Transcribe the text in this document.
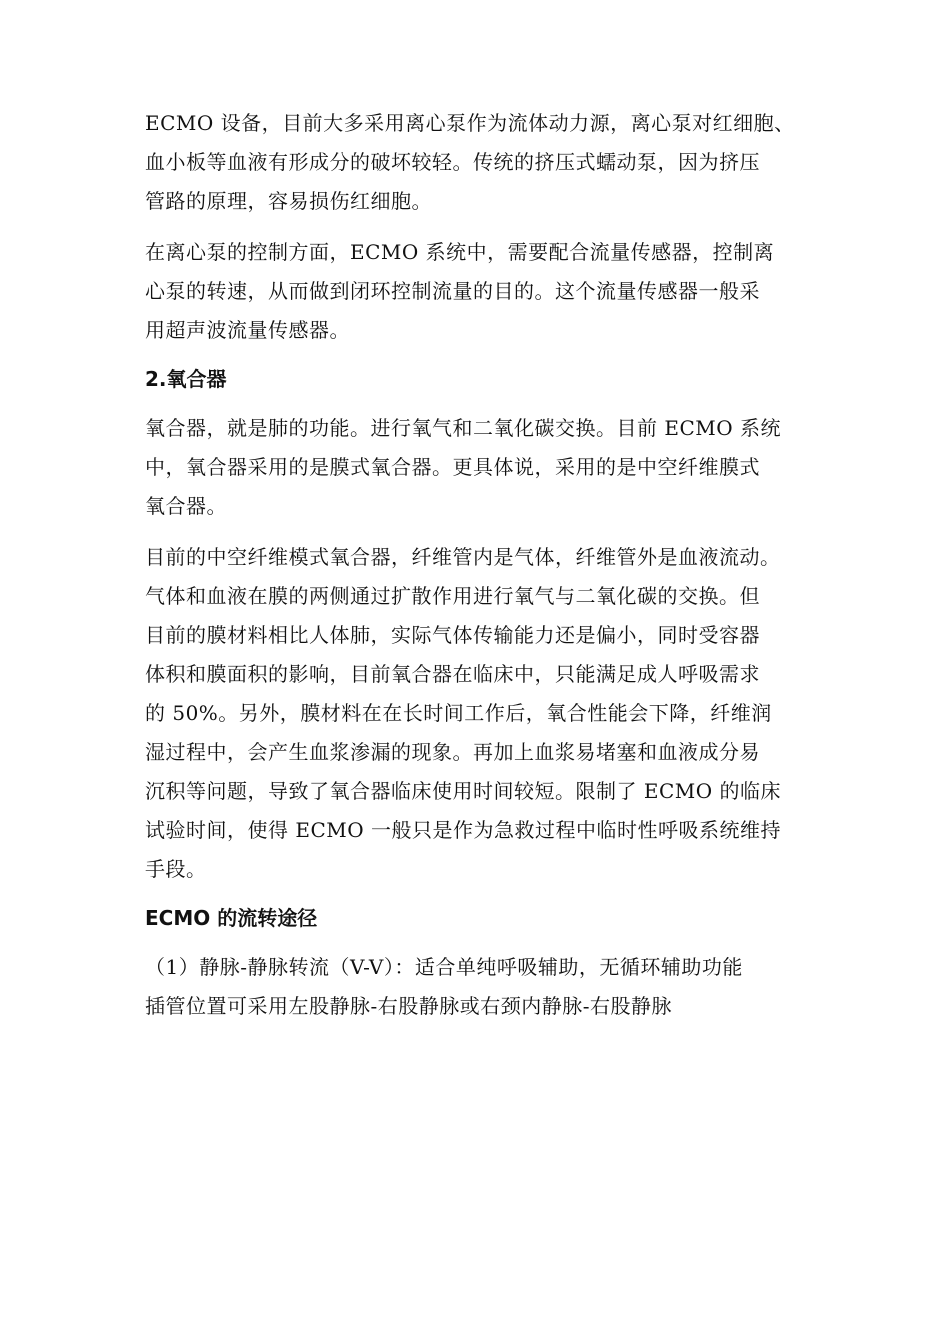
ECMO 设备，目前大多采用离心泵作为流体动力源，离心泵对红细胞、
血小板等血液有形成分的破坏较轻。传统的挤压式蠕动泵，因为挤压
管路的原理，容易损伤红细胞。

在离心泵的控制方面，ECMO 系统中，需要配合流量传感器，控制离
心泵的转速，从而做到闭环控制流量的目的。这个流量传感器一般采
用超声波流量传感器。

2.氧合器

氧合器，就是肺的功能。进行氧气和二氧化碳交换。目前 ECMO 系统
中，氧合器采用的是膜式氧合器。更具体说，采用的是中空纤维膜式
氧合器。

目前的中空纤维模式氧合器，纤维管内是气体，纤维管外是血液流动。
气体和血液在膜的两侧通过扩散作用进行氧气与二氧化碳的交换。但
目前的膜材料相比人体肺，实际气体传输能力还是偏小，同时受容器
体积和膜面积的影响，目前氧合器在临床中，只能满足成人呼吸需求
的 50%。另外，膜材料在在长时间工作后，氧合性能会下降，纤维润
湿过程中，会产生血浆渗漏的现象。再加上血浆易堵塞和血液成分易
沉积等问题，导致了氧合器临床使用时间较短。限制了 ECMO 的临床
试验时间，使得 ECMO 一般只是作为急救过程中临时性呼吸系统维持
手段。

ECMO 的流转途径

（1）静脉-静脉转流（V-V）：适合单纯呼吸辅助，无循环辅助功能
插管位置可采用左股静脉-右股静脉或右颈内静脉-右股静脉
